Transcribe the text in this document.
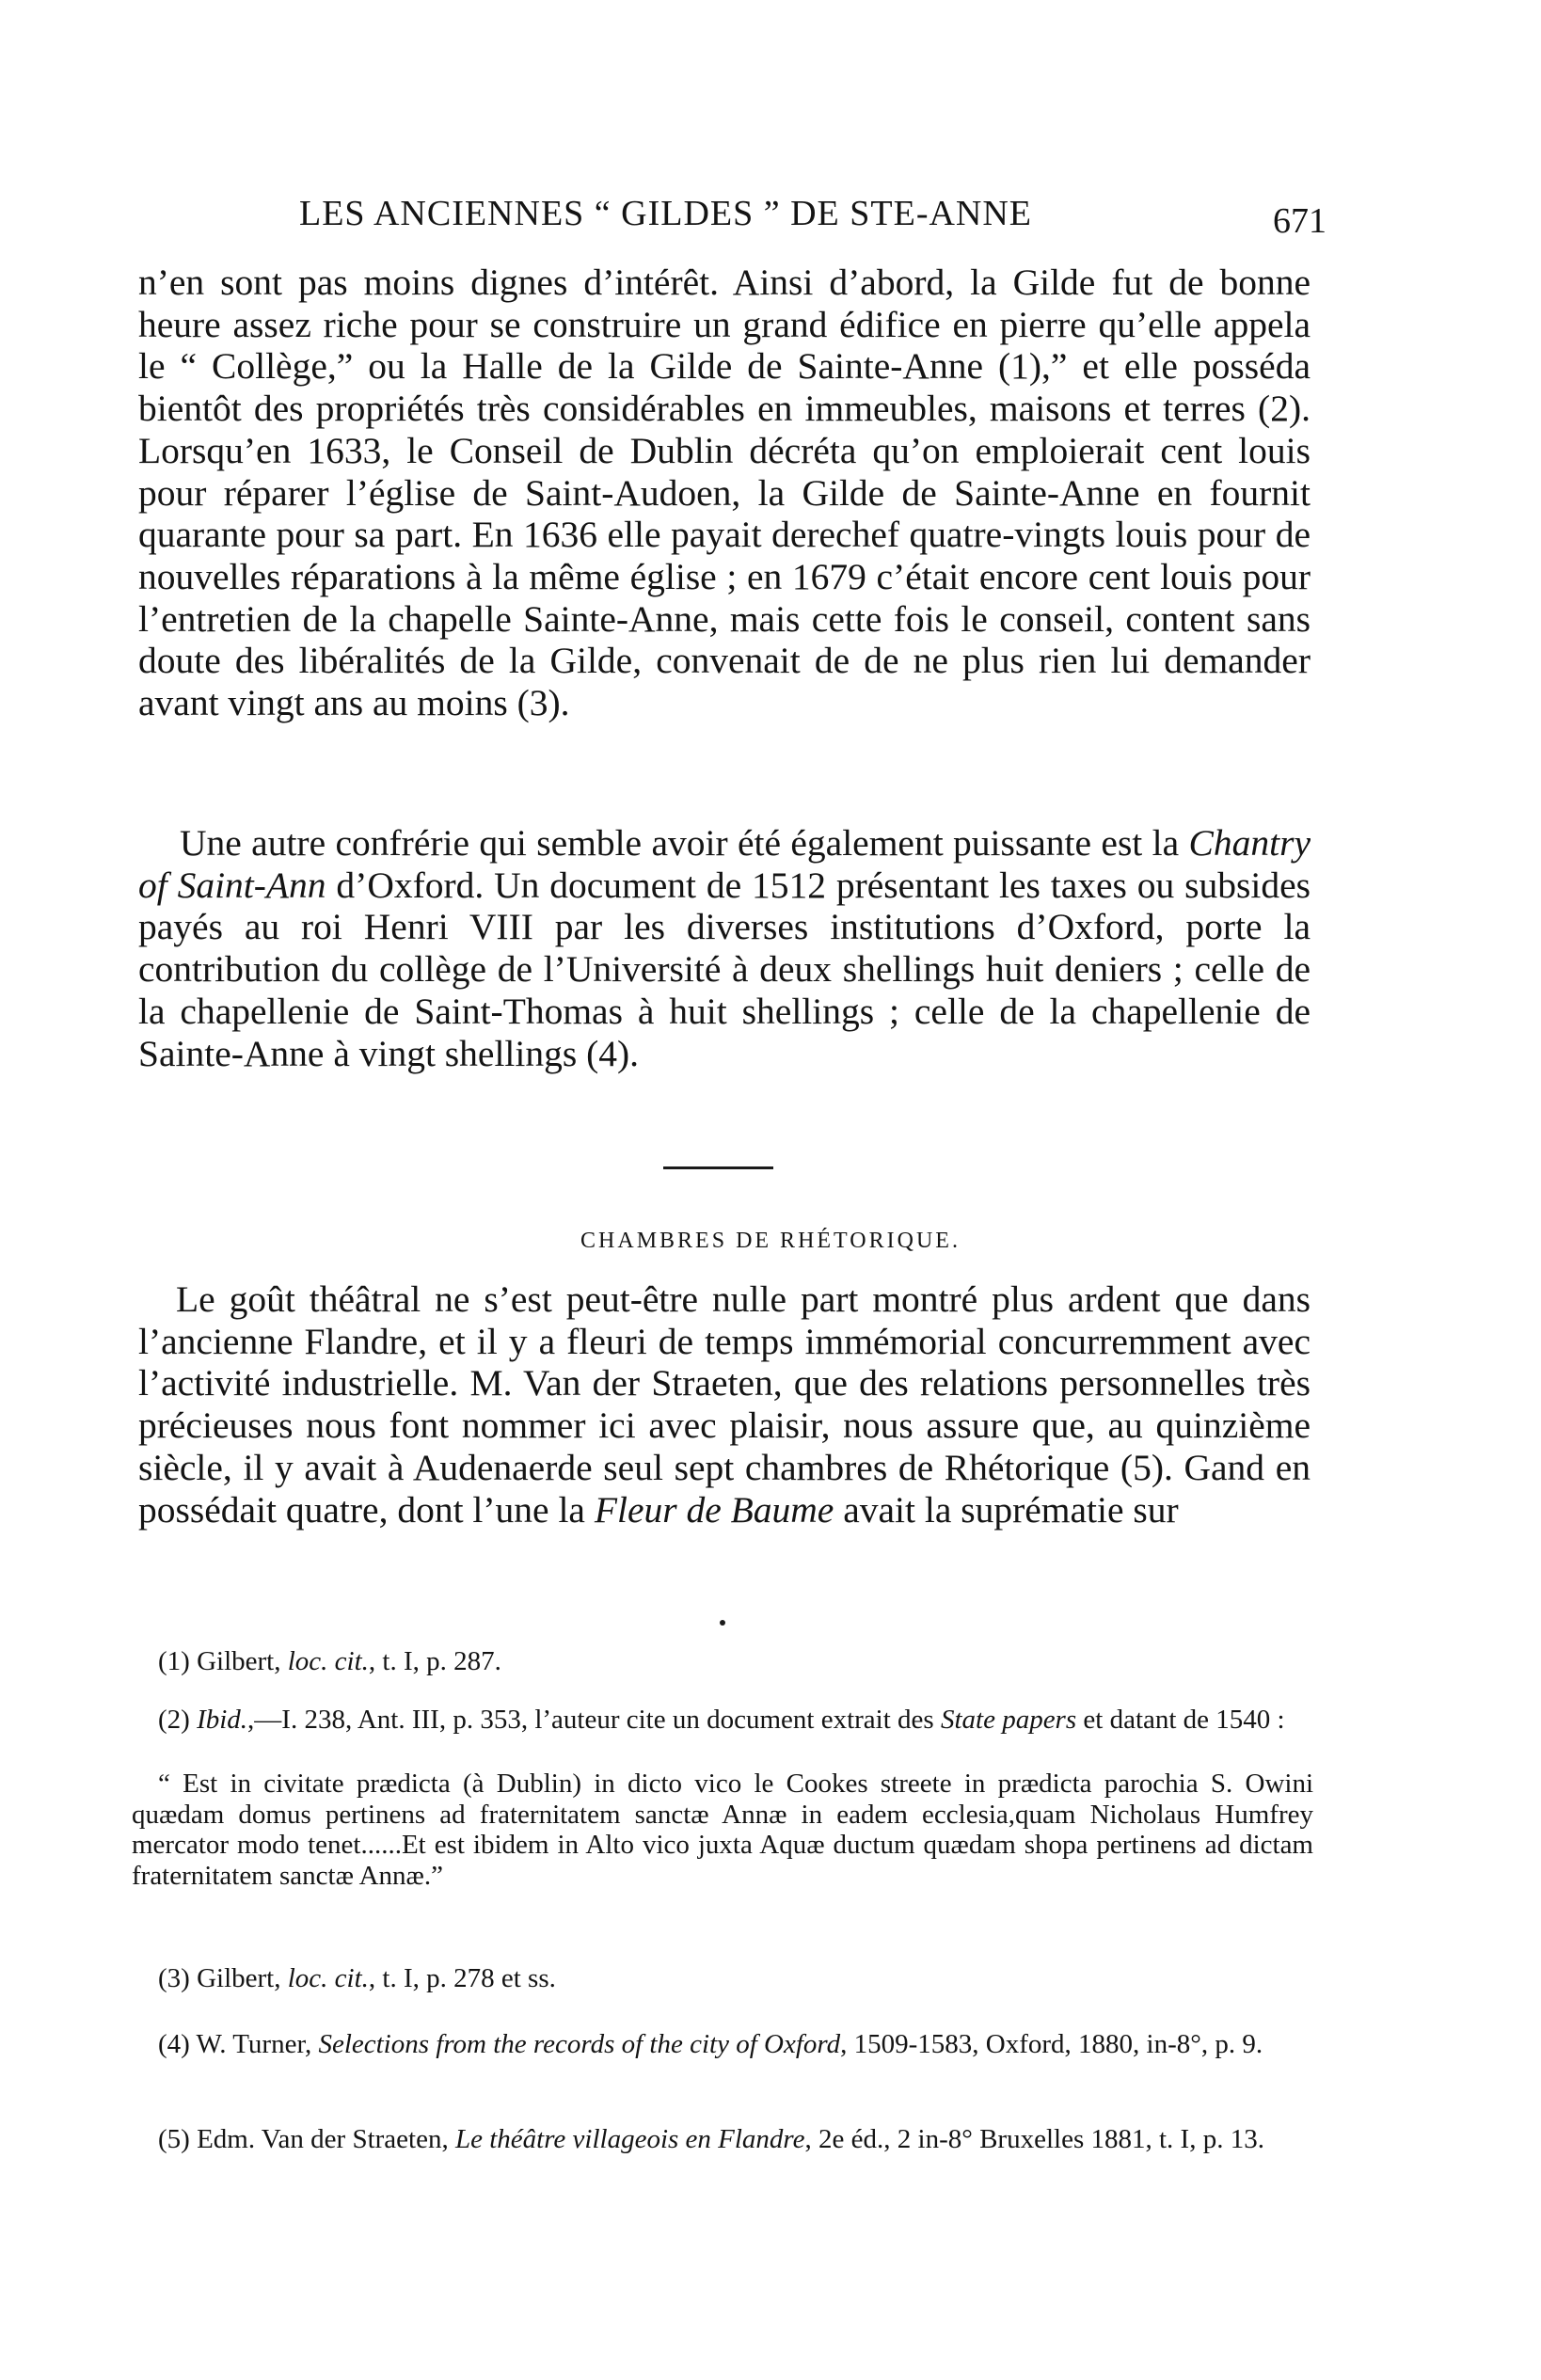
LES ANCIENNES “ GILDES ” DE STE-ANNE	671

n’en sont pas moins dignes d’intérêt. Ainsi d’abord, la Gilde fut de bonne heure assez riche pour se construire un grand édifice en pierre qu’elle appela le “ Collège,” ou la Halle de la Gilde de Sainte-Anne (1),” et elle posséda bientôt des propriétés très considérables en immeubles, maisons et terres (2). Lorsqu’en 1633, le Conseil de Dublin décréta qu’on emploierait cent louis pour réparer l’église de Saint-Audoen, la Gilde de Sainte-Anne en fournit quarante pour sa part. En 1636 elle payait derechef quatre-vingts louis pour de nouvelles réparations à la même église ; en 1679 c’était encore cent louis pour l’entretien de la chapelle Sainte-Anne, mais cette fois le conseil, content sans doute des libéralités de la Gilde, convenait de de ne plus rien lui demander avant vingt ans au moins (3).

Une autre confrérie qui semble avoir été également puissante est la Chantry of Saint-Ann d’Oxford. Un document de 1512 présentant les taxes ou subsides payés au roi Henri VIII par les diverses institutions d’Oxford, porte la contribution du collège de l’Université à deux shellings huit deniers ; celle de la chapellenie de Saint-Thomas à huit shellings ; celle de la chapellenie de Sainte-Anne à vingt shellings (4).

CHAMBRES DE RHÉTORIQUE.

Le goût théâtral ne s’est peut-être nulle part montré plus ardent que dans l’ancienne Flandre, et il y a fleuri de temps immémorial concurremment avec l’activité industrielle. M. Van der Straeten, que des relations personnelles très précieuses nous font nommer ici avec plaisir, nous assure que, au quinzième siècle, il y avait à Audenaerde seul sept chambres de Rhétorique (5). Gand en possédait quatre, dont l’une la Fleur de Baume avait la suprématie sur

(1) Gilbert, loc. cit., t. I, p. 287.

(2) Ibid.,—I. 238, Ant. III, p. 353, l’auteur cite un document extrait des State papers et datant de 1540 :

“ Est in civitate prædicta (à Dublin) in dicto vico le Cookes streete in prædicta parochia S. Owini quædam domus pertinens ad fraternitatem sanctæ Annæ in eadem ecclesia,quam Nicholaus Humfrey mercator modo tenet......Et est ibidem in Alto vico juxta Aquæ ductum quædam shopa pertinens ad dictam fraternitatem sanctæ Annæ.”

(3) Gilbert, loc. cit., t. I, p. 278 et ss.

(4) W. Turner, Selections from the records of the city of Oxford, 1509-1583, Oxford, 1880, in-8°, p. 9.

(5) Edm. Van der Straeten, Le théâtre villageois en Flandre, 2e éd., 2 in-8° Bruxelles 1881, t. I, p. 13.
